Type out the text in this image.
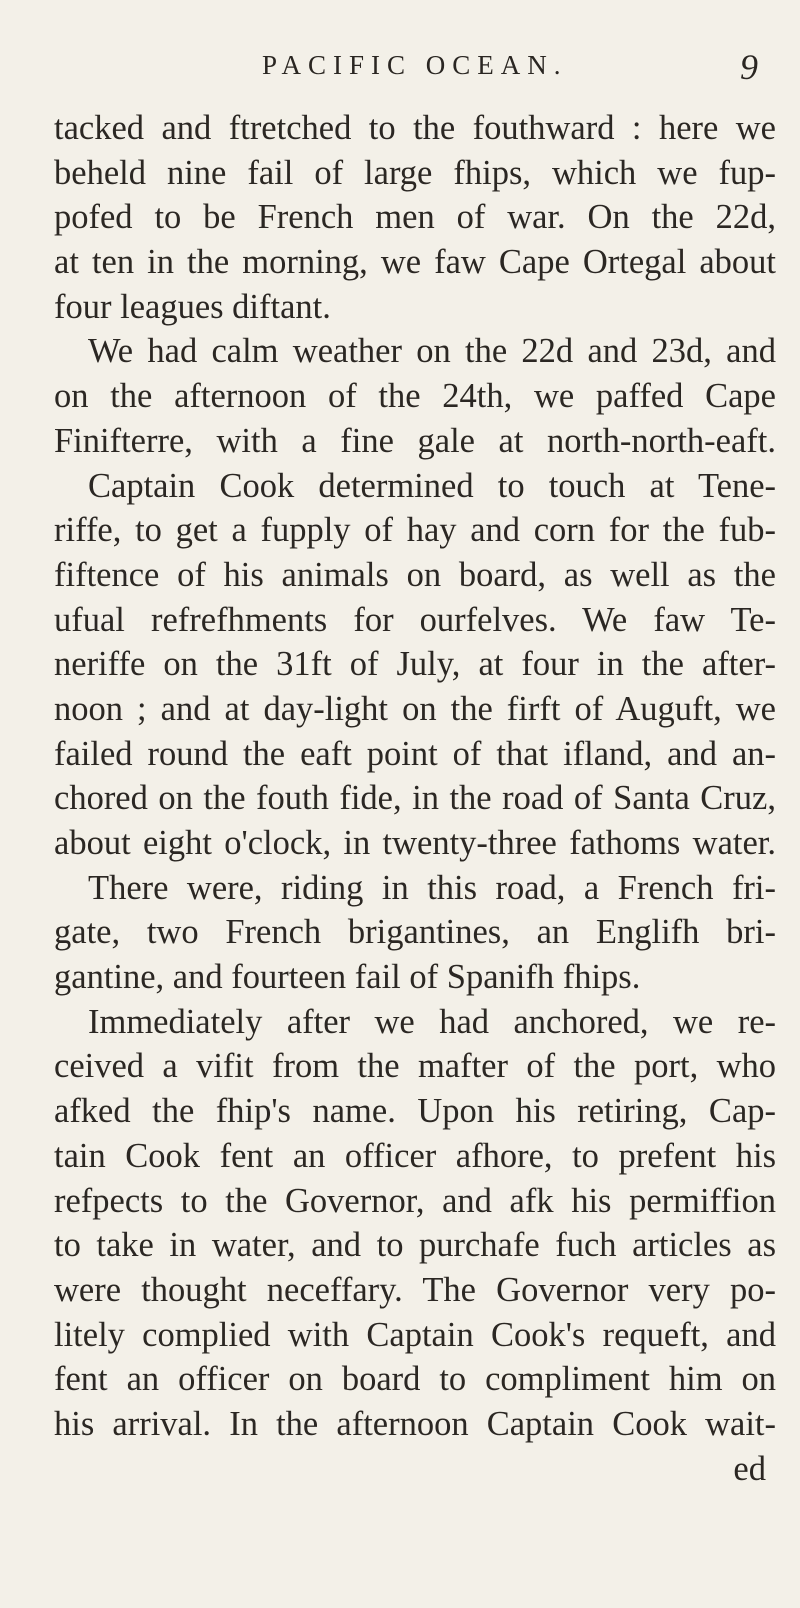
PACIFIC OCEAN.	9
tacked and ftretched to the fouthward : here we
beheld nine fail of large fhips, which we fup-
pofed to be French men of war. On the 22d,
at ten in the morning, we faw Cape Ortegal about
four leagues diftant.
We had calm weather on the 22d and 23d, and
on the afternoon of the 24th, we paffed Cape
Finifterre, with a fine gale at north-north-eaft.
Captain Cook determined to touch at Tene-
riffe, to get a fupply of hay and corn for the fub-
fiftence of his animals on board, as well as the
ufual refrefhments for ourfelves. We faw Te-
neriffe on the 31ft of July, at four in the after-
noon ; and at day-light on the firft of Auguft, we
failed round the eaft point of that ifland, and an-
chored on the fouth fide, in the road of Santa Cruz,
about eight o'clock, in twenty-three fathoms water.
There were, riding in this road, a French fri-
gate, two French brigantines, an Englifh bri-
gantine, and fourteen fail of Spanifh fhips.
Immediately after we had anchored, we re-
ceived a vifit from the mafter of the port, who
afked the fhip's name. Upon his retiring, Cap-
tain Cook fent an officer afhore, to prefent his
refpects to the Governor, and afk his permiffion
to take in water, and to purchafe fuch articles as
were thought neceffary. The Governor very po-
litely complied with Captain Cook's requeft, and
fent an officer on board to compliment him on
his arrival. In the afternoon Captain Cook wait-
ed
